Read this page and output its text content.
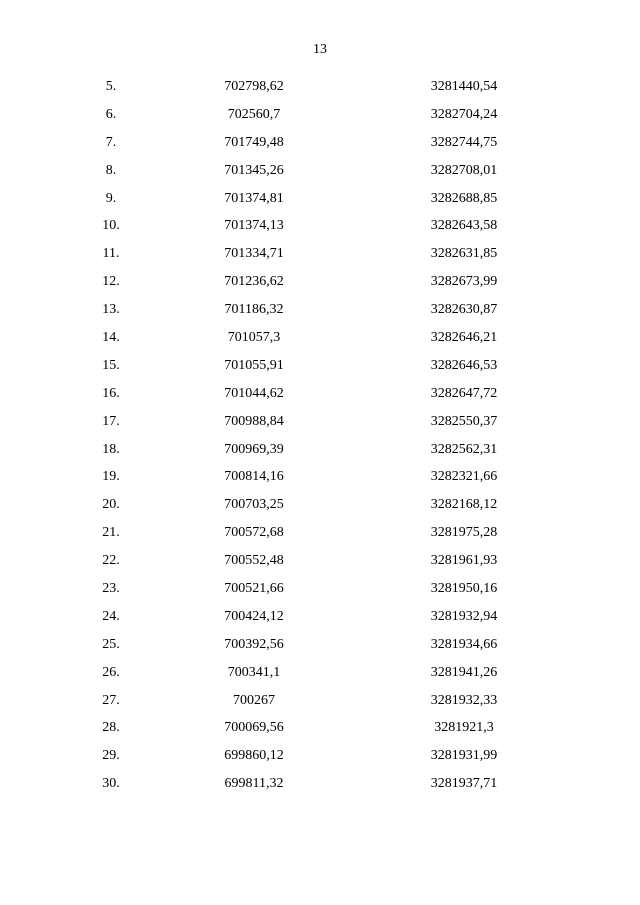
13
5.	702798,62	3281440,54
6.	702560,7	3282704,24
7.	701749,48	3282744,75
8.	701345,26	3282708,01
9.	701374,81	3282688,85
10.	701374,13	3282643,58
11.	701334,71	3282631,85
12.	701236,62	3282673,99
13.	701186,32	3282630,87
14.	701057,3	3282646,21
15.	701055,91	3282646,53
16.	701044,62	3282647,72
17.	700988,84	3282550,37
18.	700969,39	3282562,31
19.	700814,16	3282321,66
20.	700703,25	3282168,12
21.	700572,68	3281975,28
22.	700552,48	3281961,93
23.	700521,66	3281950,16
24.	700424,12	3281932,94
25.	700392,56	3281934,66
26.	700341,1	3281941,26
27.	700267	3281932,33
28.	700069,56	3281921,3
29.	699860,12	3281931,99
30.	699811,32	3281937,71
